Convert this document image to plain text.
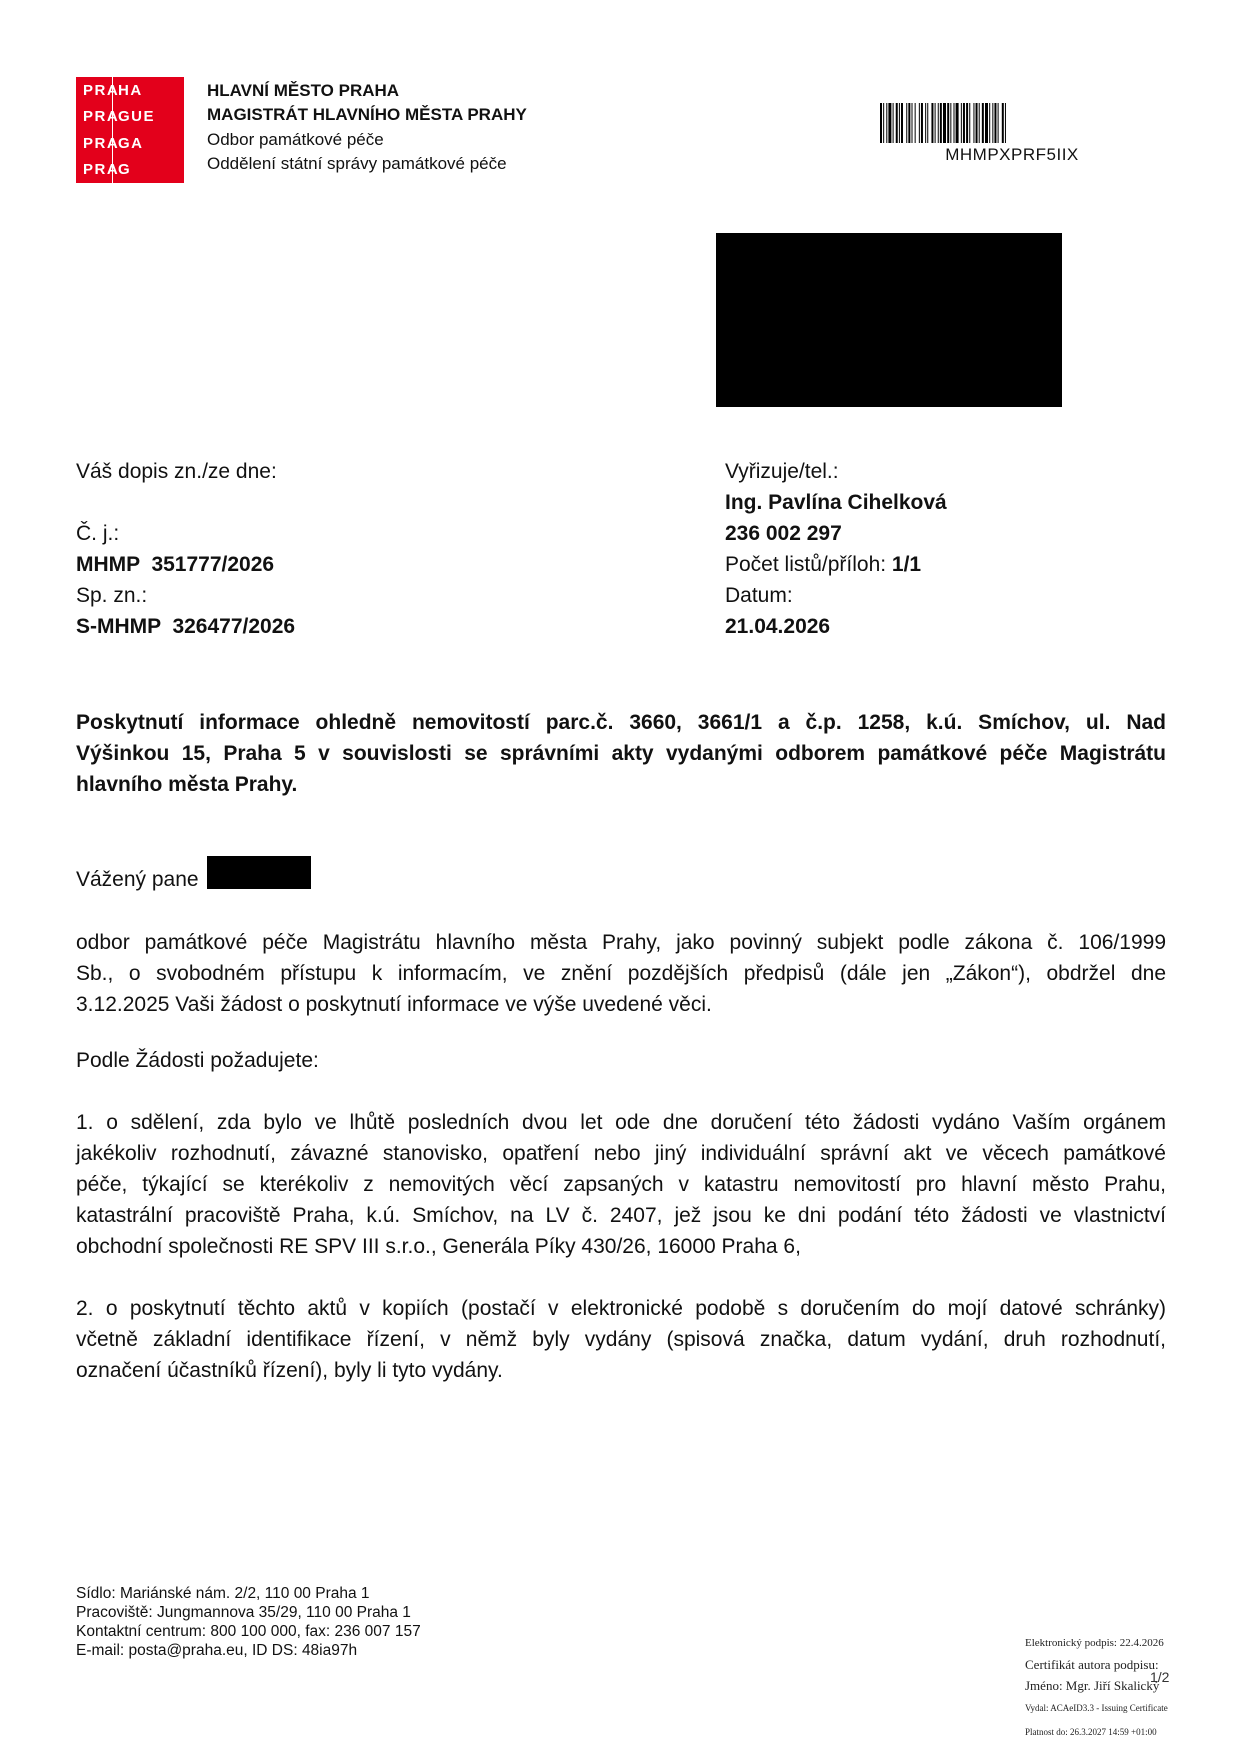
PRA
HA
PRA
GUE
PRA
GA
PRA
G
HLAVNÍ MĚSTO PRAHA
MAGISTRÁT HLAVNÍHO MĚSTA PRAHY
Odbor památkové péče
Oddělení státní správy památkové péče	MHMPXPRF5IIX
Váš dopis zn./ze dne:
Č. j.:
MHMP  351777/2026
Sp. zn.:
S-MHMP  326477/2026
Vyřizuje/tel.:
Ing. Pavlína Cihelková
236 002 297
Počet listů/příloh: 1/1
Datum:
21.04.2026
Poskytnutí informace ohledně nemovitostí parc.č. 3660, 3661/1 a č.p. 1258, k.ú. Smíchov, ul. Nad
Výšinkou 15, Praha 5 v souvislosti se správními akty vydanými odborem památkové péče Magistrátu
hlavního města Prahy.
Vážený pane
odbor památkové péče Magistrátu hlavního města Prahy, jako povinný subjekt podle zákona č. 106/1999
Sb., o svobodném přístupu k informacím, ve znění pozdějších předpisů (dále jen „Zákon“), obdržel dne
3.12.2025 Vaši žádost o poskytnutí informace ve výše uvedené věci.
Podle Žádosti požadujete:
1. o sdělení, zda bylo ve lhůtě posledních dvou let ode dne doručení této žádosti vydáno Vaším orgánem
jakékoliv rozhodnutí, závazné stanovisko, opatření nebo jiný individuální správní akt ve věcech památkové
péče, týkající se kterékoliv z nemovitých věcí zapsaných v katastru nemovitostí pro hlavní město Prahu,
katastrální pracoviště Praha, k.ú. Smíchov, na LV č. 2407, jež jsou ke dni podání této žádosti ve vlastnictví
obchodní společnosti RE SPV III s.r.o., Generála Píky 430/26, 16000 Praha 6,
2. o poskytnutí těchto aktů v kopiích (postačí v elektronické podobě s doručením do mojí datové schránky)
včetně základní identifikace řízení, v němž byly vydány (spisová značka, datum vydání, druh rozhodnutí,
označení účastníků řízení), byly li tyto vydány.
Sídlo: Mariánské nám. 2/2, 110 00 Praha 1
Pracoviště: Jungmannova 35/29, 110 00 Praha 1
Kontaktní centrum: 800 100 000, fax: 236 007 157
E-mail: posta@praha.eu, ID DS: 48ia97h	Elektronický podpis: 22.4.2026
Certifikát autora podpisu:
Jméno: Mgr. Jiří Skalický
Vydal: ACAeID3.3 - Issuing Certificate
Platnost do: 26.3.2027 14:59 +01:00
1/2
